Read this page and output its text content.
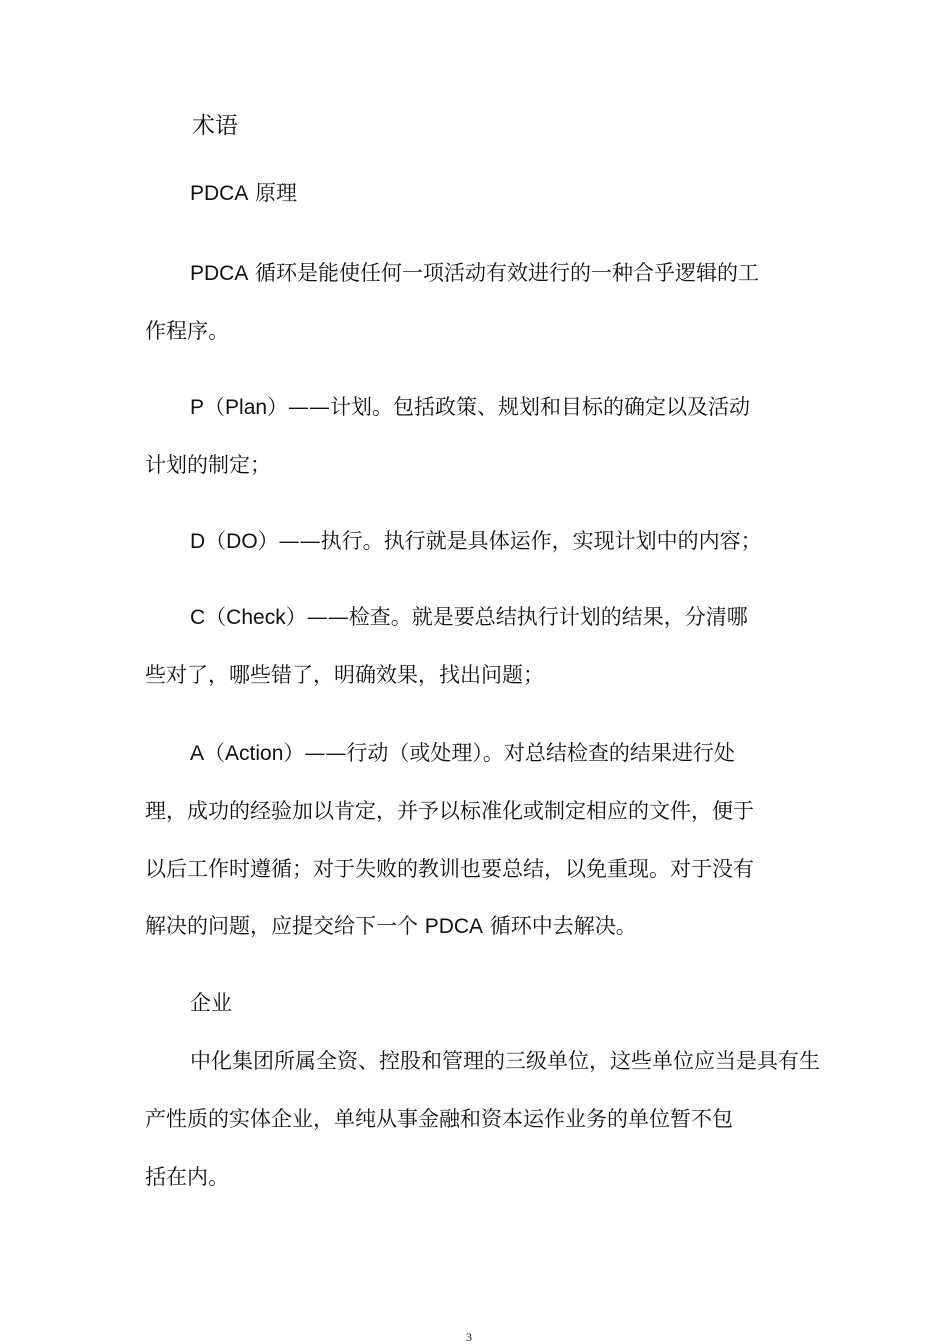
术语
PDCA 原理
PDCA 循环是能使任何一项活动有效进行的一种合乎逻辑的工
作程序。
P（Plan）——计划。包括政策、规划和目标的确定以及活动
计划的制定；
D（DO）——执行。执行就是具体运作，实现计划中的内容；
C（Check）——检查。就是要总结执行计划的结果，分清哪
些对了，哪些错了，明确效果，找出问题；
A（Action）——行动（或处理）。对总结检查的结果进行处
理，成功的经验加以肯定，并予以标准化或制定相应的文件，便于
以后工作时遵循；对于失败的教训也要总结，以免重现。对于没有
解决的问题，应提交给下一个 PDCA 循环中去解决。
企业
中化集团所属全资、控股和管理的三级单位，这些单位应当是具有生
产性质的实体企业，单纯从事金融和资本运作业务的单位暂不包
括在内。
3
